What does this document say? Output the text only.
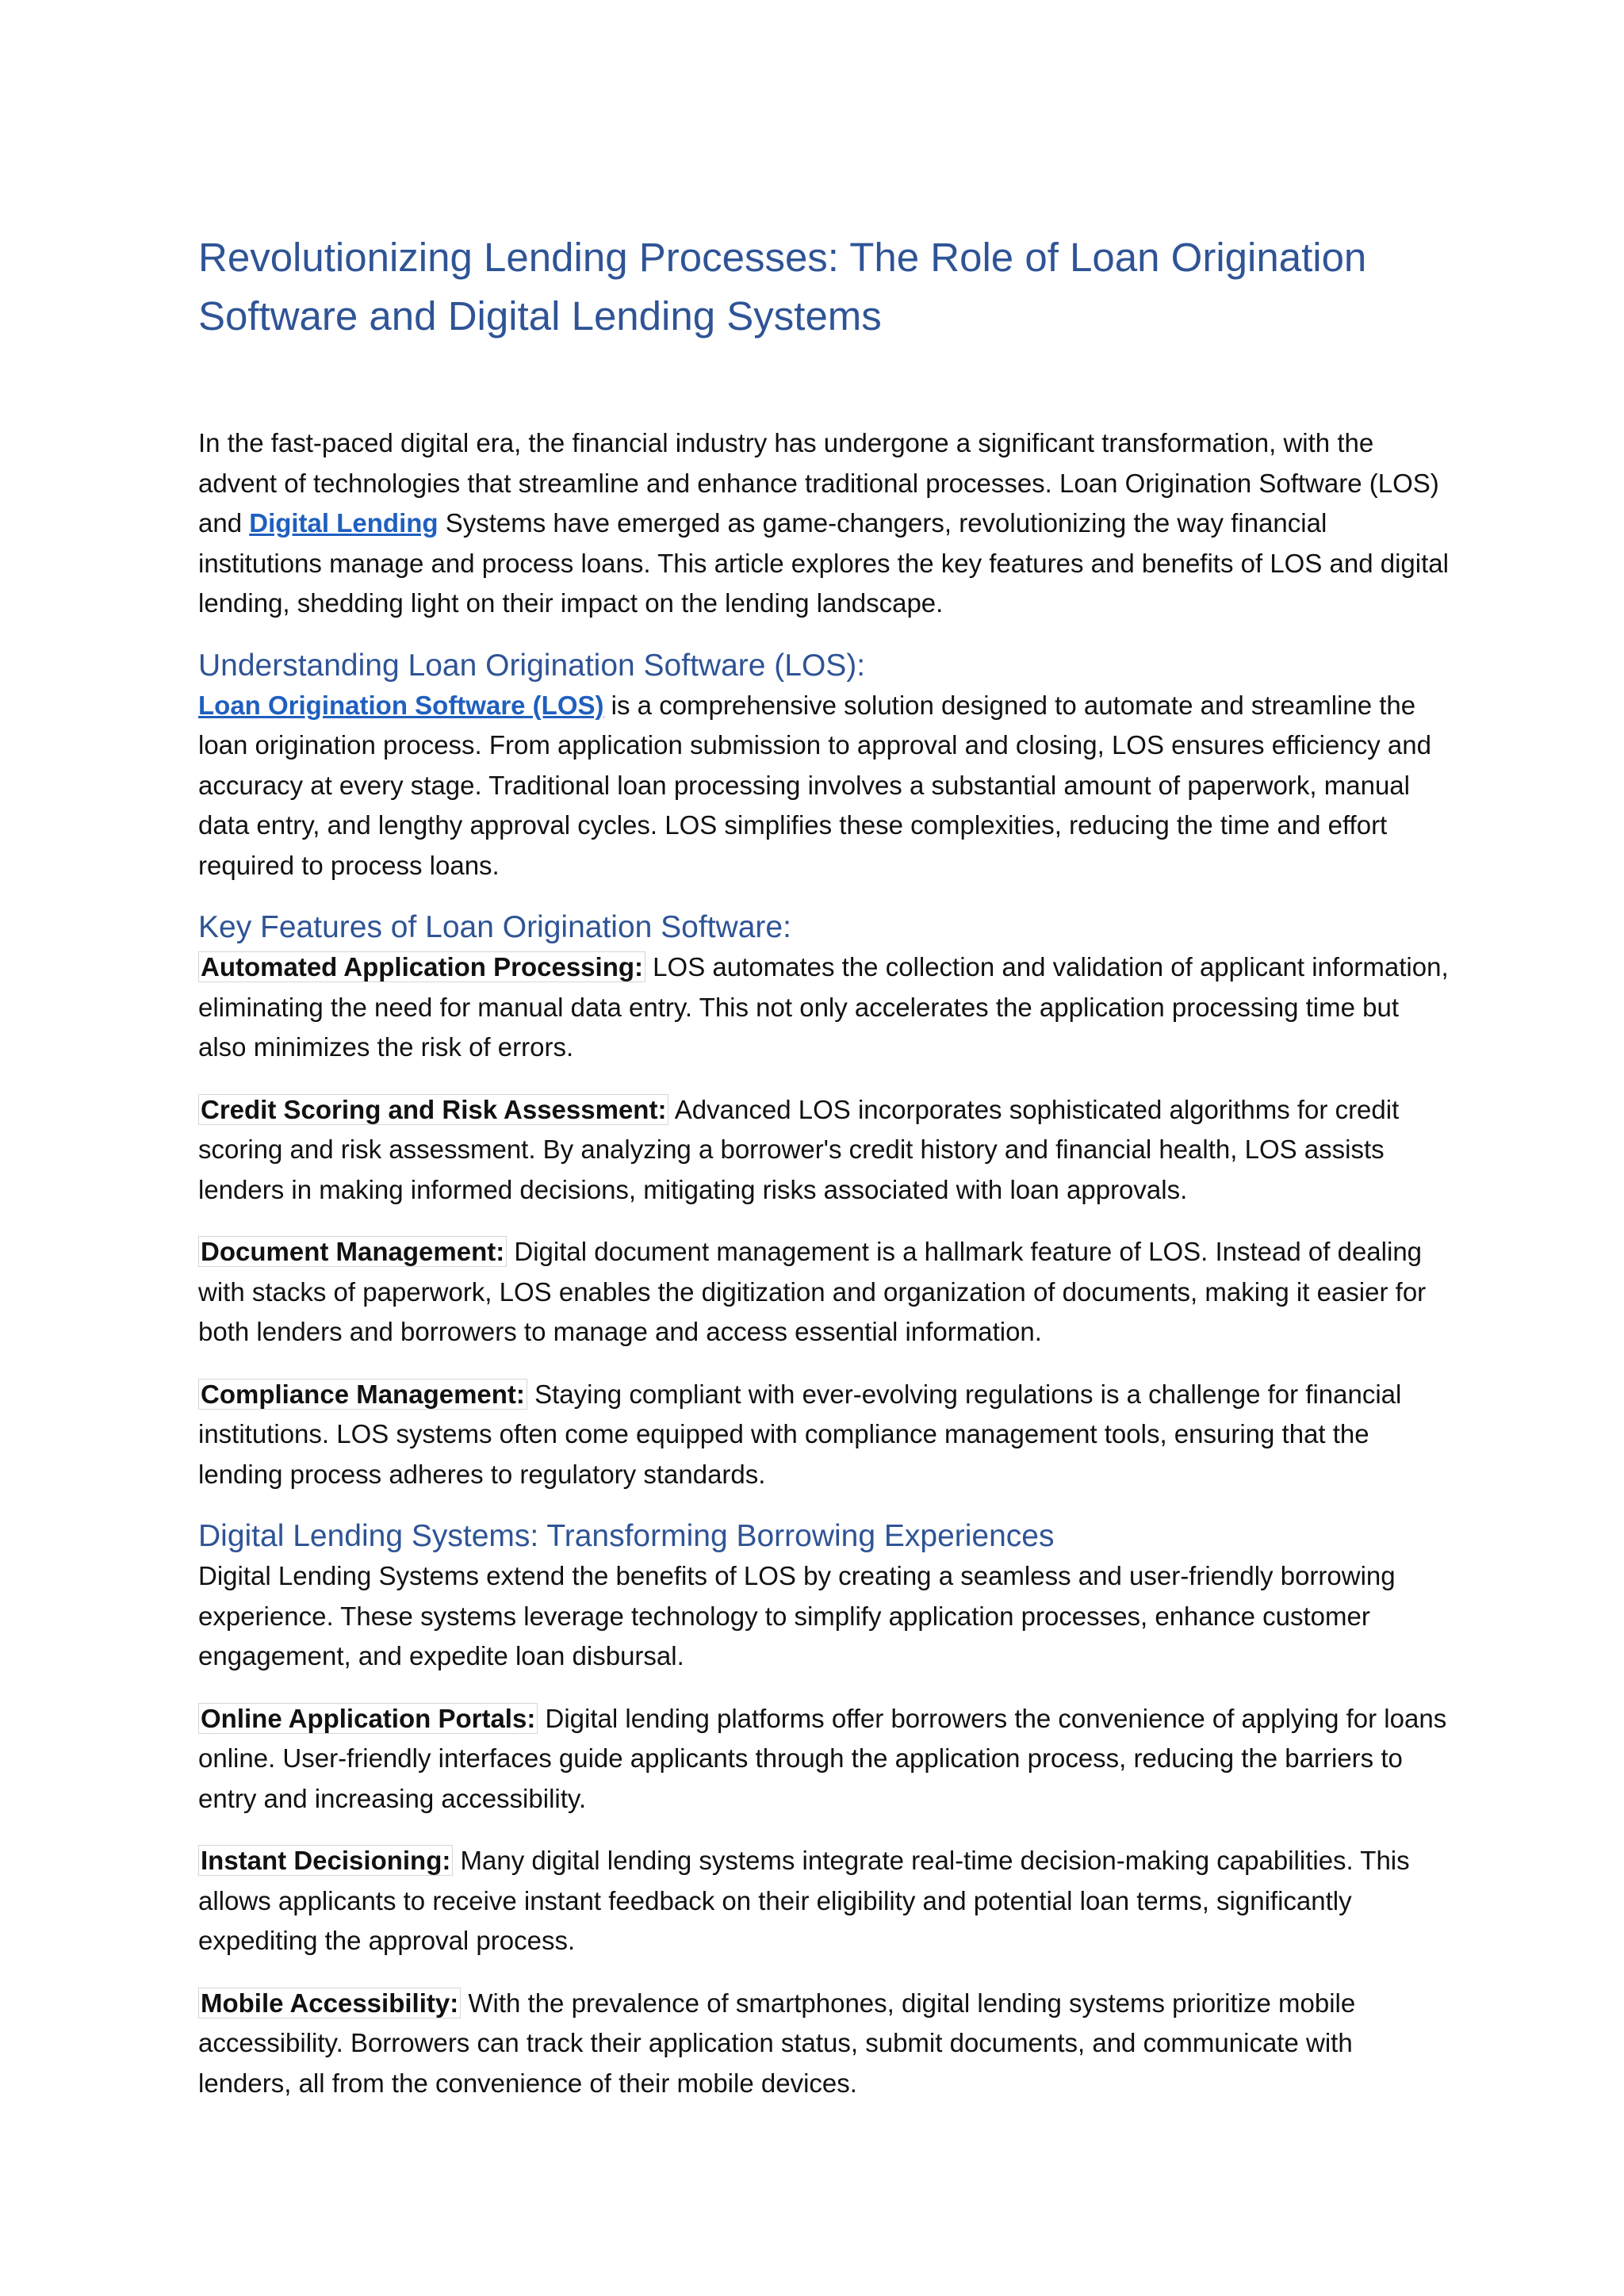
Revolutionizing Lending Processes: The Role of Loan Origination Software and Digital Lending Systems

In the fast-paced digital era, the financial industry has undergone a significant transformation, with the advent of technologies that streamline and enhance traditional processes. Loan Origination Software (LOS) and Digital Lending Systems have emerged as game-changers, revolutionizing the way financial institutions manage and process loans. This article explores the key features and benefits of LOS and digital lending, shedding light on their impact on the lending landscape.

Understanding Loan Origination Software (LOS):

Loan Origination Software (LOS) is a comprehensive solution designed to automate and streamline the loan origination process. From application submission to approval and closing, LOS ensures efficiency and accuracy at every stage. Traditional loan processing involves a substantial amount of paperwork, manual data entry, and lengthy approval cycles. LOS simplifies these complexities, reducing the time and effort required to process loans.

Key Features of Loan Origination Software:

Automated Application Processing: LOS automates the collection and validation of applicant information, eliminating the need for manual data entry. This not only accelerates the application processing time but also minimizes the risk of errors.

Credit Scoring and Risk Assessment: Advanced LOS incorporates sophisticated algorithms for credit scoring and risk assessment. By analyzing a borrower's credit history and financial health, LOS assists lenders in making informed decisions, mitigating risks associated with loan approvals.

Document Management: Digital document management is a hallmark feature of LOS. Instead of dealing with stacks of paperwork, LOS enables the digitization and organization of documents, making it easier for both lenders and borrowers to manage and access essential information.

Compliance Management: Staying compliant with ever-evolving regulations is a challenge for financial institutions. LOS systems often come equipped with compliance management tools, ensuring that the lending process adheres to regulatory standards.

Digital Lending Systems: Transforming Borrowing Experiences

Digital Lending Systems extend the benefits of LOS by creating a seamless and user-friendly borrowing experience. These systems leverage technology to simplify application processes, enhance customer engagement, and expedite loan disbursal.

Online Application Portals: Digital lending platforms offer borrowers the convenience of applying for loans online. User-friendly interfaces guide applicants through the application process, reducing the barriers to entry and increasing accessibility.

Instant Decisioning: Many digital lending systems integrate real-time decision-making capabilities. This allows applicants to receive instant feedback on their eligibility and potential loan terms, significantly expediting the approval process.

Mobile Accessibility: With the prevalence of smartphones, digital lending systems prioritize mobile accessibility. Borrowers can track their application status, submit documents, and communicate with lenders, all from the convenience of their mobile devices.
